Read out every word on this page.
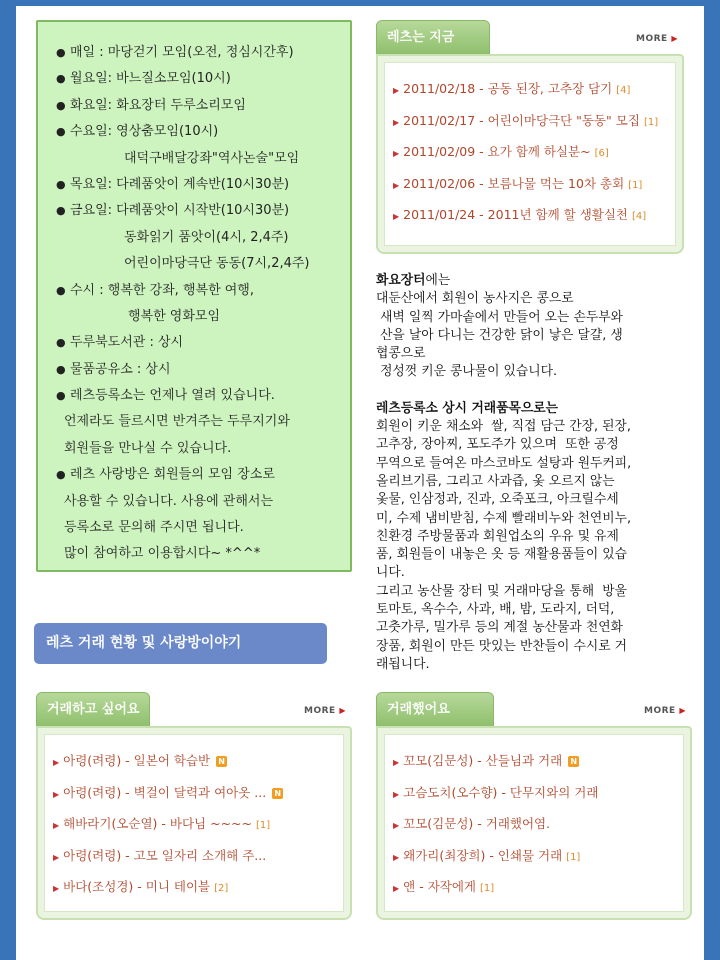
● 매일 : 마당걷기 모임(오전, 정심시간후)
● 월요일: 바느질소모임(10시)
● 화요일: 화요장터 두루소리모임
● 수요일: 영상춤모임(10시)
대덕구배달강좌"역사논술"모임
● 목요일: 다례품앗이 계속반(10시30분)
● 금요일: 다례품앗이 시작반(10시30분)
동화읽기 품앗이(4시, 2,4주)
어린이마당극단 동동(7시,2,4주)
● 수시 : 행복한 강좌, 행복한 여행,
행복한 영화모임
● 두루북도서관 : 상시
● 물품공유소 : 상시
● 레츠등록소는 언제나 열려 있습니다.
언제라도 들르시면 반겨주는 두루지기와
회원들을 만나실 수 있습니다.
● 레츠 사랑방은 회원들의 모임 장소로
사용할 수 있습니다. 사용에 관해서는
등록소로 문의해 주시면 됩니다.
많이 참여하고 이용합시다~ *^^*
레츠 거래 현황 및 사랑방이야기
레츠는 지금	MORE ▶
▶ 2011/02/18 - 공동 된장, 고추장 담기 [4]
▶ 2011/02/17 - 어린이마당극단 "동동" 모집 [1]
▶ 2011/02/09 - 요가 함께 하실분~ [6]
▶ 2011/02/06 - 보름나물 먹는 10차 총회 [1]
▶ 2011/01/24 - 2011년 함께 할 생활실천 [4]
거래하고 싶어요	MORE ▶
▶ 아령(려령) - 일본어 학습반 N
▶ 아령(려령) - 벽걸이 달력과 여아옷 ... N
▶ 해바라기(오순열) - 바다님 ~~~~ [1]
▶ 아령(려령) - 고모 일자리 소개해 주...
▶ 바다(조성경) - 미니 테이블 [2]
거래했어요	MORE ▶
▶ 꼬모(김문성) - 산들님과 거래 N
▶ 고슴도치(오수향) - 단무지와의 거래
▶ 꼬모(김문성) - 거래했어염.
▶ 왜가리(최장희) - 인쇄물 거래 [1]
▶ 앤 - 자작에게 [1]

화요장터에는

대둔산에서 회원이 농사지은 콩으로

새벽 일찍 가마솥에서 만들어 오는 손두부와

산을 날아 다니는 건강한 닭이 낳은 달걀, 생

협콩으로

정성껏 키운 콩나물이 있습니다.

레츠등록소 상시 거래품목으로는

회원이 키운 채소와  쌀, 직접 담근 간장, 된장,

고추장, 장아찌, 포도주가 있으며  또한 공정

무역으로 들여온 마스코바도 설탕과 원두커피,

올리브기름, 그리고 사과즙, 옻 오르지 않는

옻물, 인삼정과, 진과, 오죽포크, 아크릴수세

미, 수제 냄비받침, 수제 빨래비누와 천연비누,

친환경 주방물품과 회원업소의 우유 및 유제

품, 회원들이 내놓은 옷 등 재활용품들이 있습

니다.

그리고 농산물 장터 및 거래마당을 통해  방울

토마토, 옥수수, 사과, 배, 밤, 도라지, 더덕,

고춧가루, 밀가루 등의 계절 농산물과 천연화

장품, 회원이 만든 맛있는 반찬들이 수시로 거

래됩니다.
